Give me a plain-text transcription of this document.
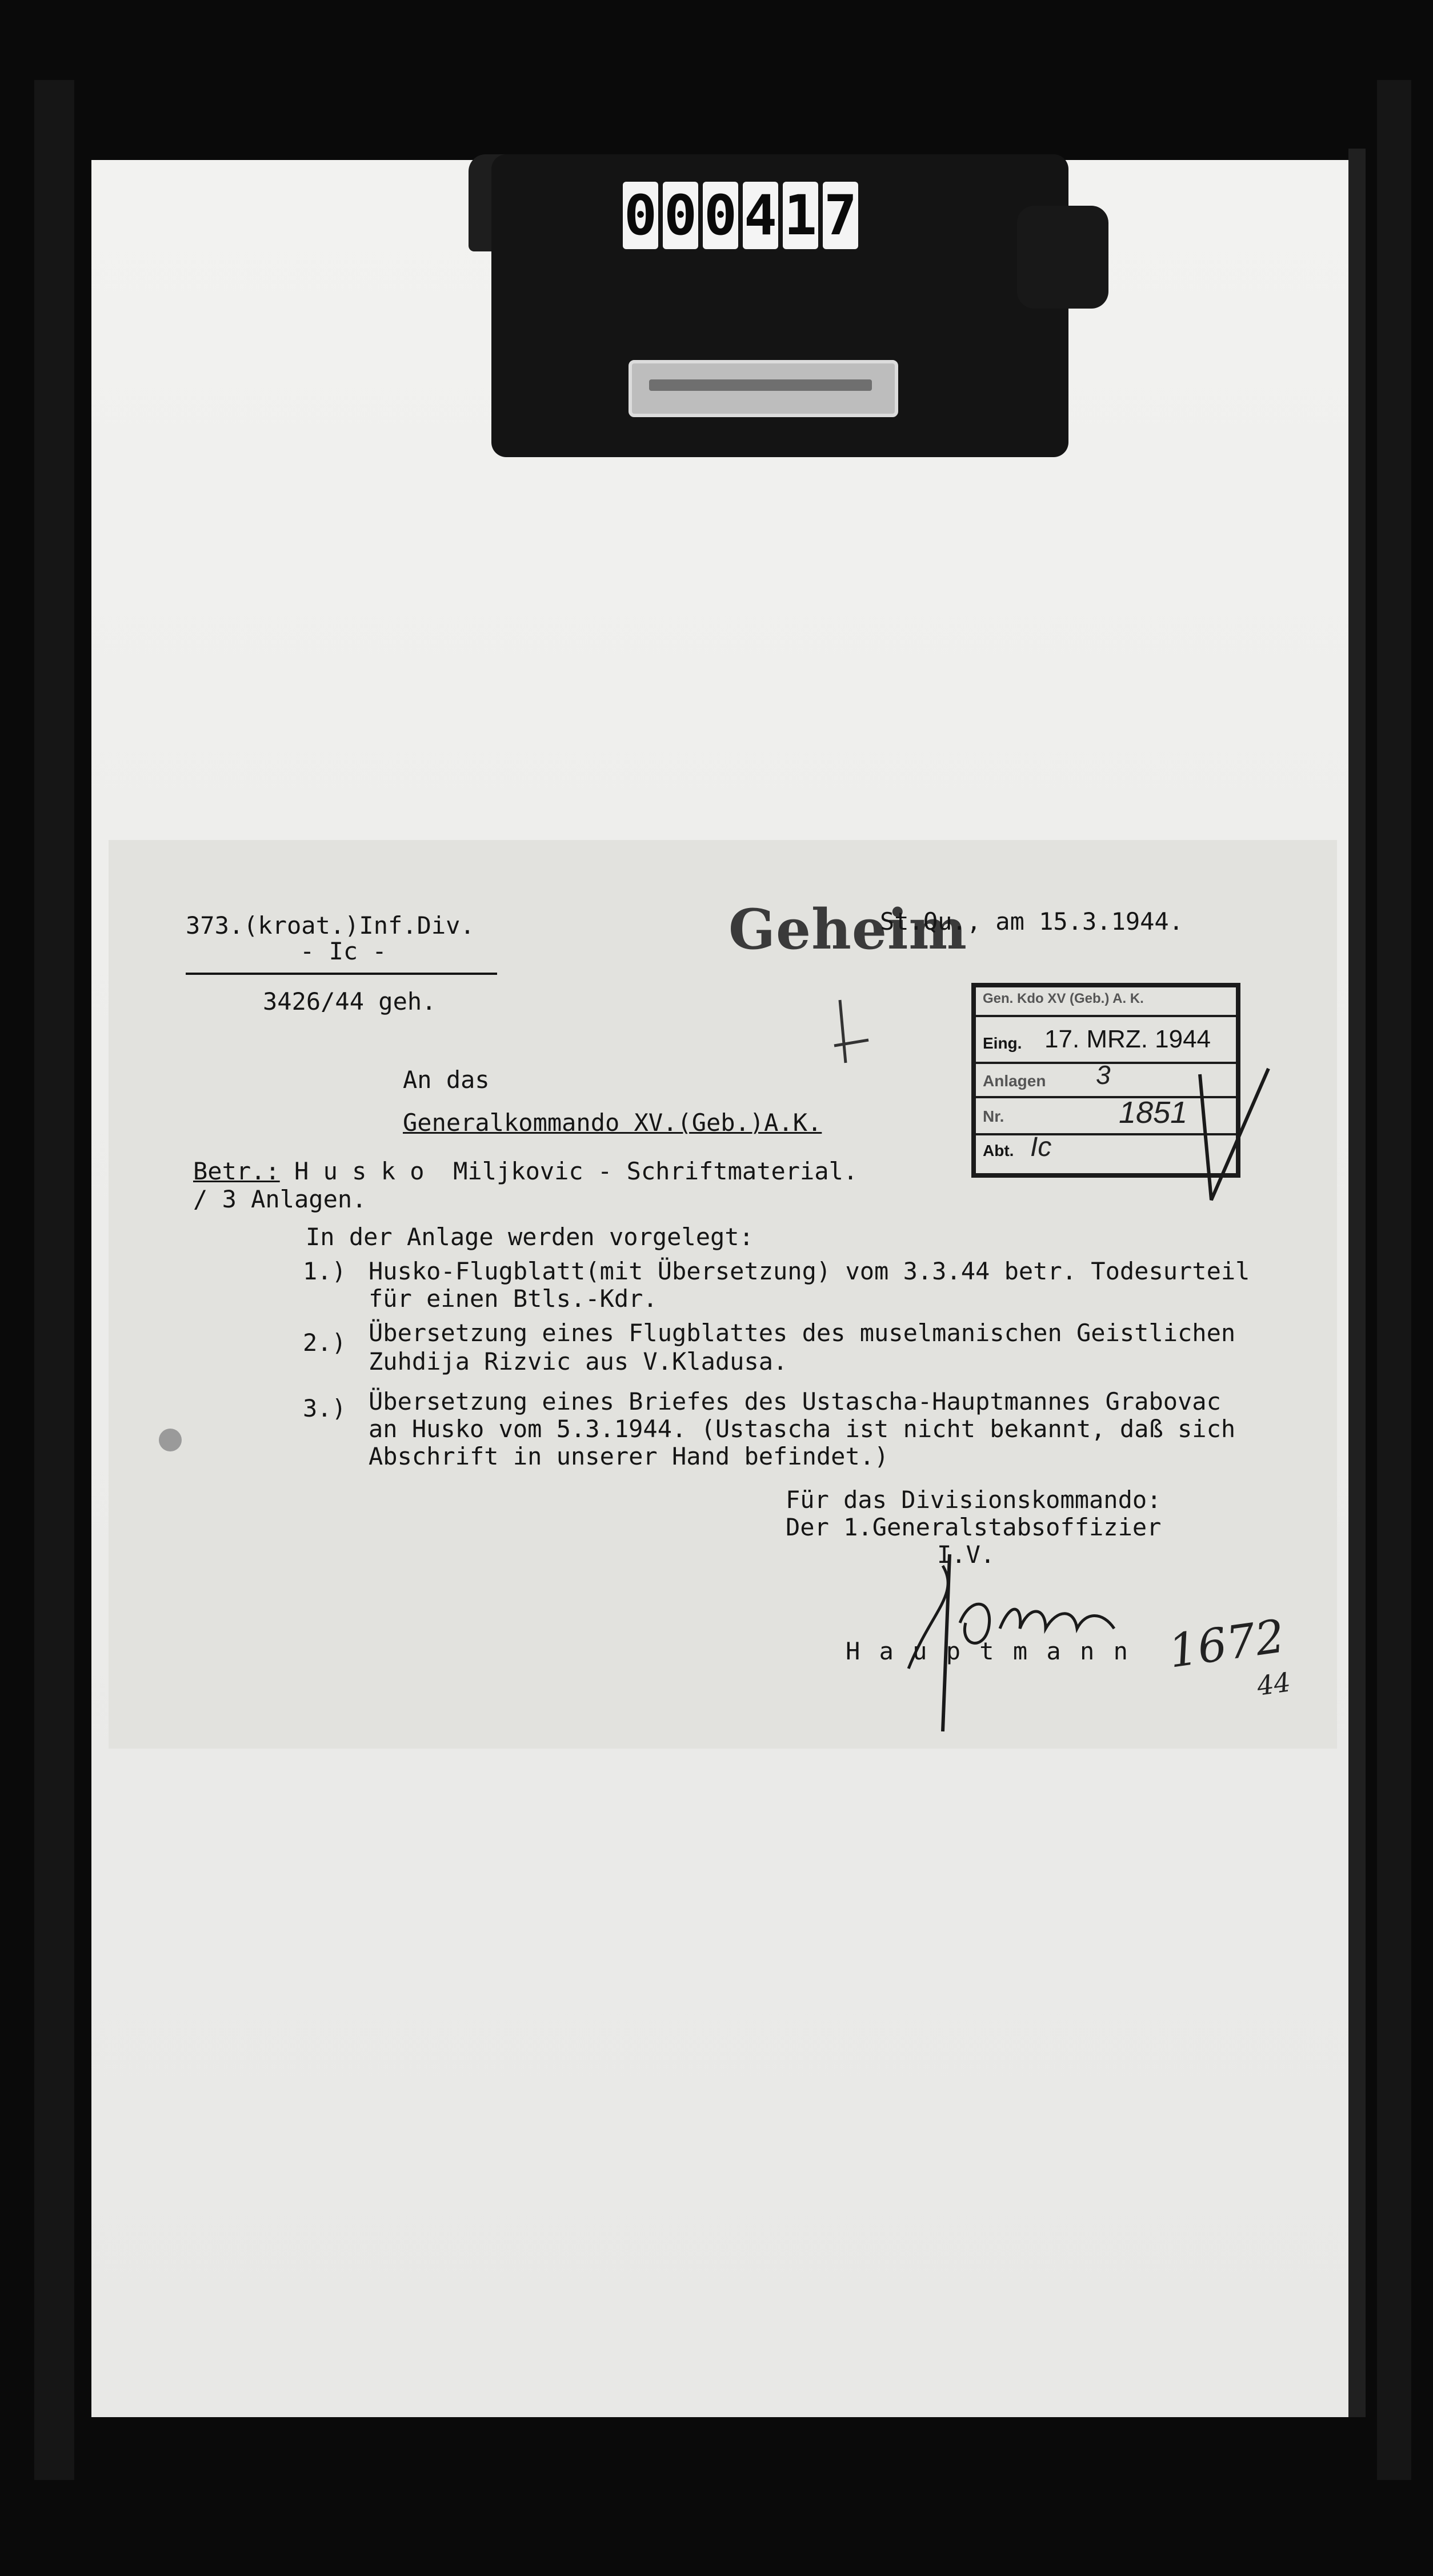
0 0 0 4 1 7
373.(kroat.)Inf.Div.
- Ic -
3426/44 geh.
Geheim
St.Qu., am 15.3.1944.
Gen. Kdo XV (Geb.) A. K.
Eing. 17. MRZ. 1944
Anlagen 3
Nr.	1851
Abt. Ic
An das
Generalkommando XV.(Geb.)A.K.
Betr.: H u s k o  Miljkovic - Schriftmaterial.
/ 3 Anlagen.
In der Anlage werden vorgelegt:
1.) Husko-Flugblatt(mit Übersetzung) vom 3.3.44 betr. Todesurteil
für einen Btls.-Kdr.
2.) Übersetzung eines Flugblattes des muselmanischen Geistlichen
Zuhdija Rizvic aus V.Kladusa.
3.) Übersetzung eines Briefes des Ustascha-Hauptmannes Grabovac
an Husko vom 5.3.1944. (Ustascha ist nicht bekannt, daß sich
Abschrift in unserer Hand befindet.)
Für das Divisionskommando:
Der 1.Generalstabsoffizier
I.V.
H a u p t m a n n 1672
44
